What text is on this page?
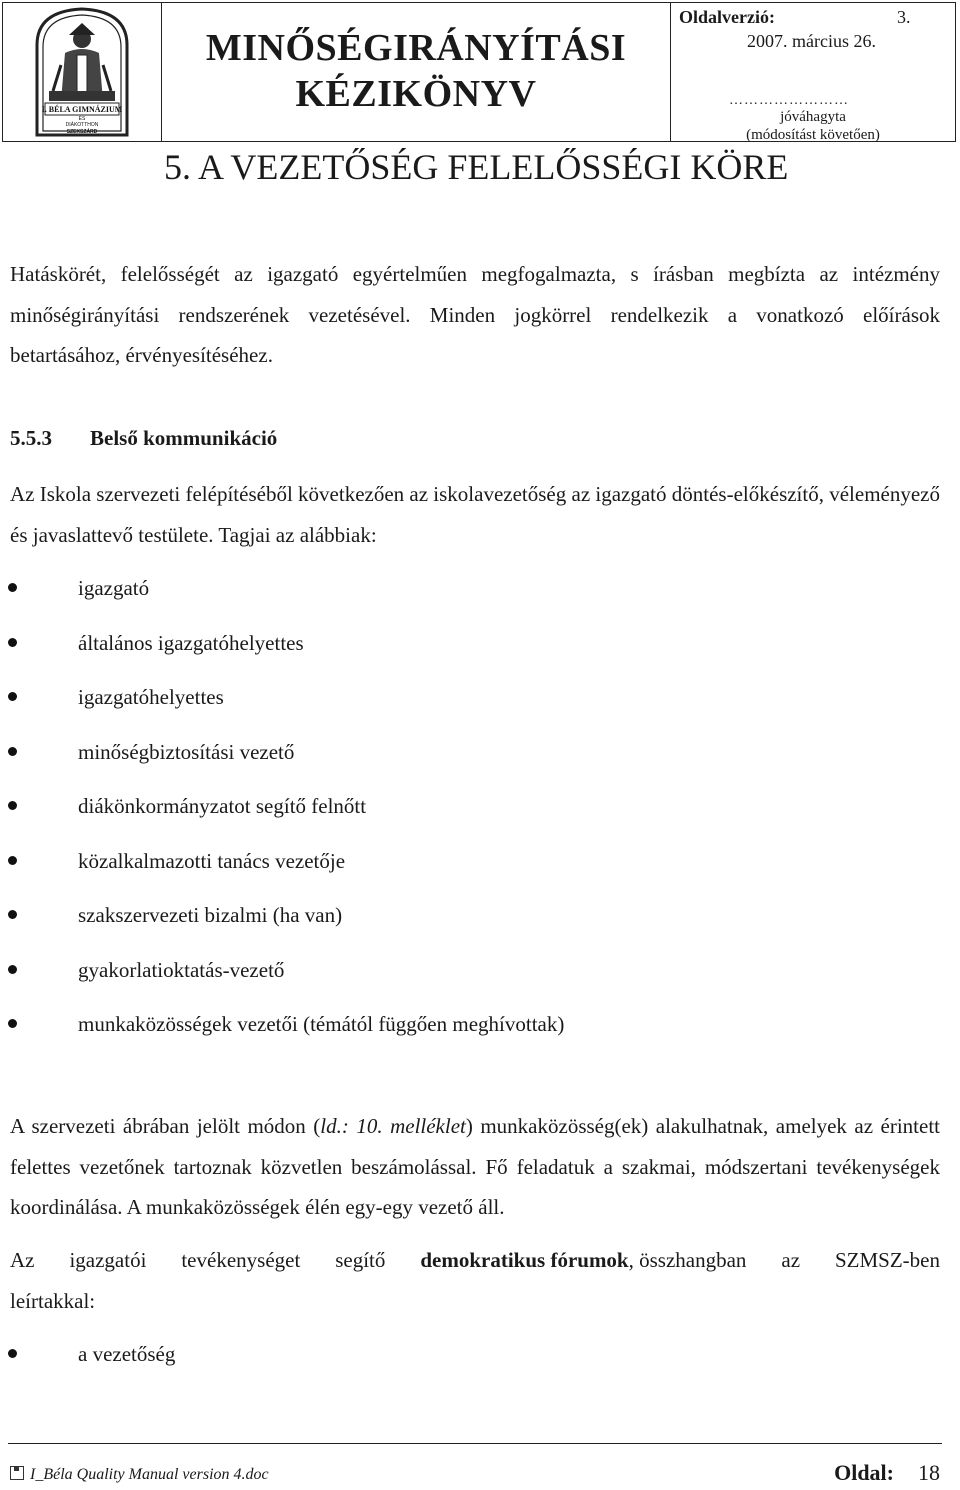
I. BÉLA GIMNÁZIUM
ÉS
DIÁKOTTHON
SZEKSZÁRD
MINŐSÉGIRÁNYÍTÁSI
KÉZIKÖNYV
Oldalverzió:	3.
2007. március 26.
……………………
jóváhagyta
(módosítást követően)
5. A VEZETŐSÉG FELELŐSSÉGI KÖRE
Hatáskörét, felelősségét az igazgató egyértelműen megfogalmazta, s írásban megbízta az intézmény minőségirányítási rendszerének vezetésével. Minden jogkörrel rendelkezik a vonatkozó előírások betartásához, érvényesítéséhez.
5.5.3 Belső kommunikáció
Az Iskola szervezeti felépítéséből következően az iskolavezetőség az igazgató döntés-előkészítő, véleményező és javaslattevő testülete. Tagjai az alábbiak:
igazgató
általános igazgatóhelyettes
igazgatóhelyettes
minőségbiztosítási vezető
diákönkormányzatot segítő felnőtt
közalkalmazotti tanács vezetője
szakszervezeti bizalmi (ha van)
gyakorlatioktatás-vezető
munkaközösségek vezetői (témától függően meghívottak)
A szervezeti ábrában jelölt módon (ld.: 10. melléklet) munkaközösség(ek) alakulhatnak, amelyek az érintett felettes vezetőnek tartoznak közvetlen beszámolással. Fő feladatuk a szakmai, módszertani tevékenységek koordinálása. A munkaközösségek élén egy-egy vezető áll.
Az igazgatói tevékenységet segítő demokratikus fórumok, összhangban az SZMSZ-ben
leírtakkal:
a vezetőség
I_Béla Quality Manual version 4.doc	Oldal: 18
